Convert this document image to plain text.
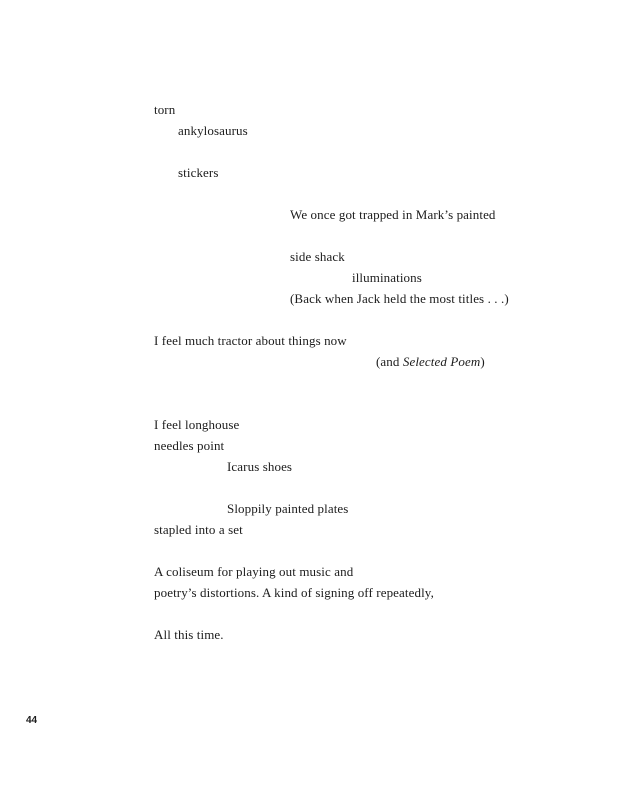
torn
ankylosaurus
stickers
We once got trapped in Mark’s painted
side shack
illuminations
(Back when Jack held the most titles . . .)
I feel much tractor about things now
(and Selected Poem)
I feel longhouse
needles point
Icarus shoes
Sloppily painted plates
stapled into a set
A coliseum for playing out music and
poetry’s distortions. A kind of signing off repeatedly,
All this time.
44
